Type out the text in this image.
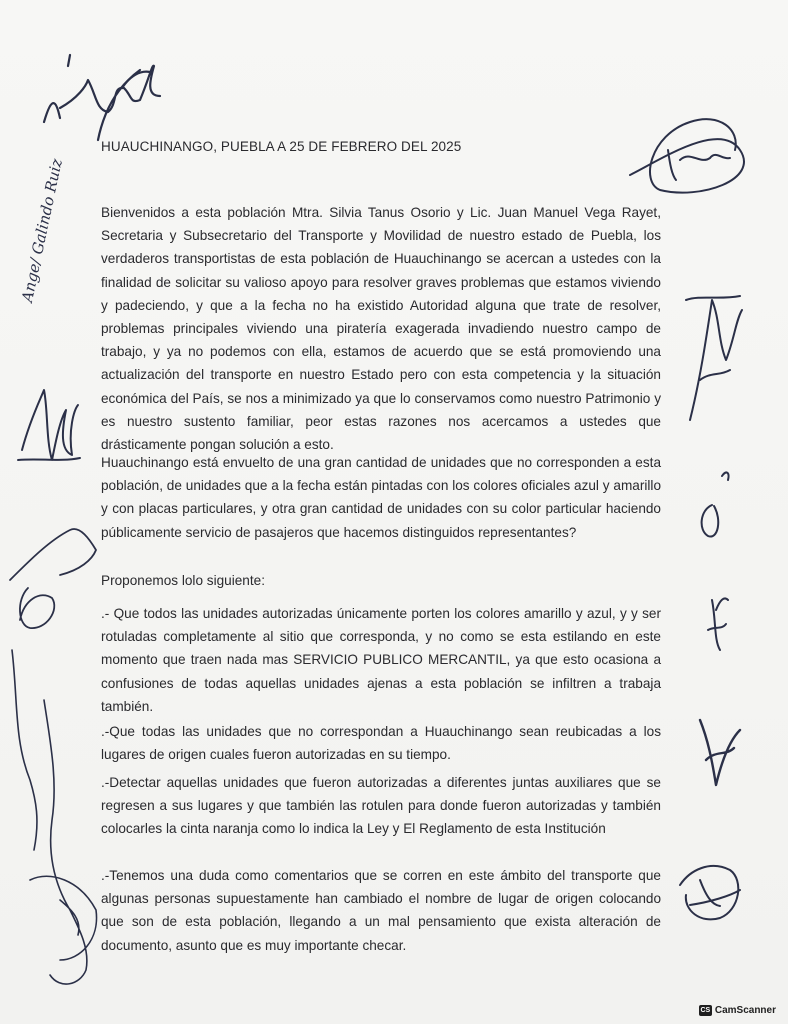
Ange/ Galindo Ruiz
HUAUCHINANGO, PUEBLA A 25 DE FEBRERO DEL 2025
Bienvenidos a esta población Mtra. Silvia Tanus Osorio y Lic. Juan Manuel Vega Rayet, Secretaria y Subsecretario del Transporte y Movilidad de nuestro estado de Puebla, los verdaderos transportistas de esta población de Huauchinango se acercan a ustedes con la finalidad de solicitar su valioso apoyo para resolver graves problemas que estamos viviendo y padeciendo, y que a la fecha no ha existido Autoridad alguna que trate de resolver, problemas principales viviendo una piratería exagerada invadiendo nuestro campo de trabajo, y ya no podemos con ella, estamos de acuerdo que se está promoviendo una actualización del transporte en nuestro Estado pero con esta competencia y la situación económica del País, se nos a minimizado ya que lo conservamos como nuestro Patrimonio y es nuestro sustento familiar, peor estas razones nos acercamos a ustedes que drásticamente pongan solución a esto.
Huauchinango está envuelto de una gran cantidad de unidades que no corresponden a esta población, de unidades que a la fecha están pintadas con los colores oficiales azul y amarillo y con placas particulares, y otra gran cantidad de unidades con su color particular haciendo públicamente servicio de pasajeros que hacemos distinguidos representantes?
Proponemos lolo siguiente:
.- Que todos las unidades autorizadas únicamente porten los colores amarillo y azul, y y ser rotuladas completamente al sitio que corresponda, y no como se esta estilando en este momento que traen nada mas SERVICIO PUBLICO MERCANTIL, ya que esto ocasiona a confusiones de todas aquellas unidades ajenas a esta población se infiltren a trabaja también.
.-Que todas las unidades que no correspondan a Huauchinango sean reubicadas a los lugares de origen cuales fueron autorizadas en su tiempo.
.-Detectar aquellas unidades que fueron autorizadas a diferentes juntas auxiliares que se regresen a sus lugares y que también las rotulen para donde fueron autorizadas y también colocarles la cinta naranja como lo indica la Ley y El Reglamento de esta Institución
.-Tenemos una duda como comentarios que se corren en este ámbito del transporte que algunas personas supuestamente han cambiado el nombre de lugar de origen colocando que son de esta población, llegando a un mal pensamiento que exista alteración de documento, asunto que es muy importante checar.
CS CamScanner
